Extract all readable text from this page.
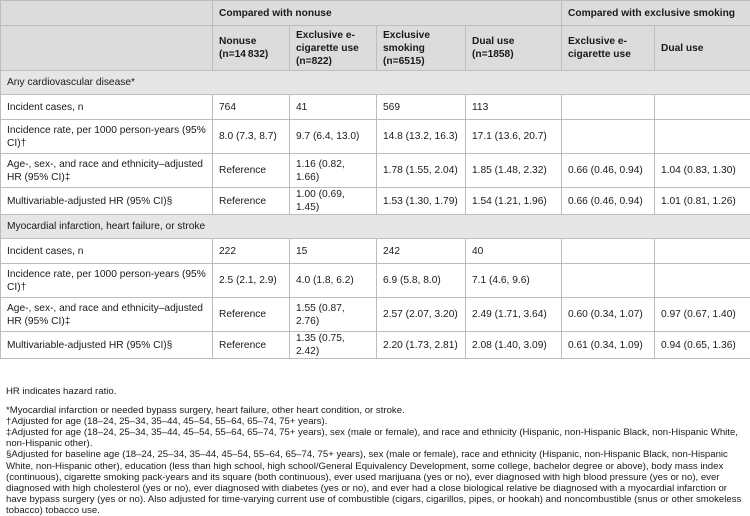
	Compared with nonuse				Compared with exclusive smoking	
	Nonuse (n=14 832)	Exclusive e-cigarette use (n=822)	Exclusive smoking (n=6515)	Dual use (n=1858)	Exclusive e-cigarette use	Dual use
Any cardiovascular disease*						
Incident cases, n	764	41	569	113		
Incidence rate, per 1000 person-years (95% CI)†	8.0 (7.3, 8.7)	9.7 (6.4, 13.0)	14.8 (13.2, 16.3)	17.1 (13.6, 20.7)		
Age-, sex-, and race and ethnicity–adjusted HR (95% CI)‡	Reference	1.16 (0.82, 1.66)	1.78 (1.55, 2.04)	1.85 (1.48, 2.32)	0.66 (0.46, 0.94)	1.04 (0.83, 1.30)
Multivariable-adjusted HR (95% CI)§	Reference	1.00 (0.69, 1.45)	1.53 (1.30, 1.79)	1.54 (1.21, 1.96)	0.66 (0.46, 0.94)	1.01 (0.81, 1.26)
Myocardial infarction, heart failure, or stroke						
Incident cases, n	222	15	242	40		
Incidence rate, per 1000 person-years (95% CI)†	2.5 (2.1, 2.9)	4.0 (1.8, 6.2)	6.9 (5.8, 8.0)	7.1 (4.6, 9.6)		
Age-, sex-, and race and ethnicity–adjusted HR (95% CI)‡	Reference	1.55 (0.87, 2.76)	2.57 (2.07, 3.20)	2.49 (1.71, 3.64)	0.60 (0.34, 1.07)	0.97 (0.67, 1.40)
Multivariable-adjusted HR (95% CI)§	Reference	1.35 (0.75, 2.42)	2.20 (1.73, 2.81)	2.08 (1.40, 3.09)	0.61 (0.34, 1.09)	0.94 (0.65, 1.36)

HR indicates hazard ratio.

*Myocardial infarction or needed bypass surgery, heart failure, other heart condition, or stroke.

†Adjusted for age (18–24, 25–34, 35–44, 45–54, 55–64, 65–74, 75+ years).

‡Adjusted for age (18–24, 25–34, 35–44, 45–54, 55–64, 65–74, 75+ years), sex (male or female), and race and ethnicity (Hispanic, non-Hispanic Black, non-Hispanic White, non-Hispanic other).

§Adjusted for baseline age (18–24, 25–34, 35–44, 45–54, 55–64, 65–74, 75+ years), sex (male or female), race and ethnicity (Hispanic, non-Hispanic Black, non-Hispanic White, non-Hispanic other), education (less than high school, high school/General Equivalency Development, some college, bachelor degree or above), body mass index (continuous), cigarette smoking pack-years and its square (both continuous), ever used marijuana (yes or no), ever diagnosed with high blood pressure (yes or no), ever diagnosed with high cholesterol (yes or no), ever diagnosed with diabetes (yes or no), and ever had a close biological relative be diagnosed with a myocardial infarction or have bypass surgery (yes or no). Also adjusted for time-varying current use of combustible (cigars, cigarillos, pipes, or hookah) and noncombustible (snus or other smokeless tobacco) tobacco use.
